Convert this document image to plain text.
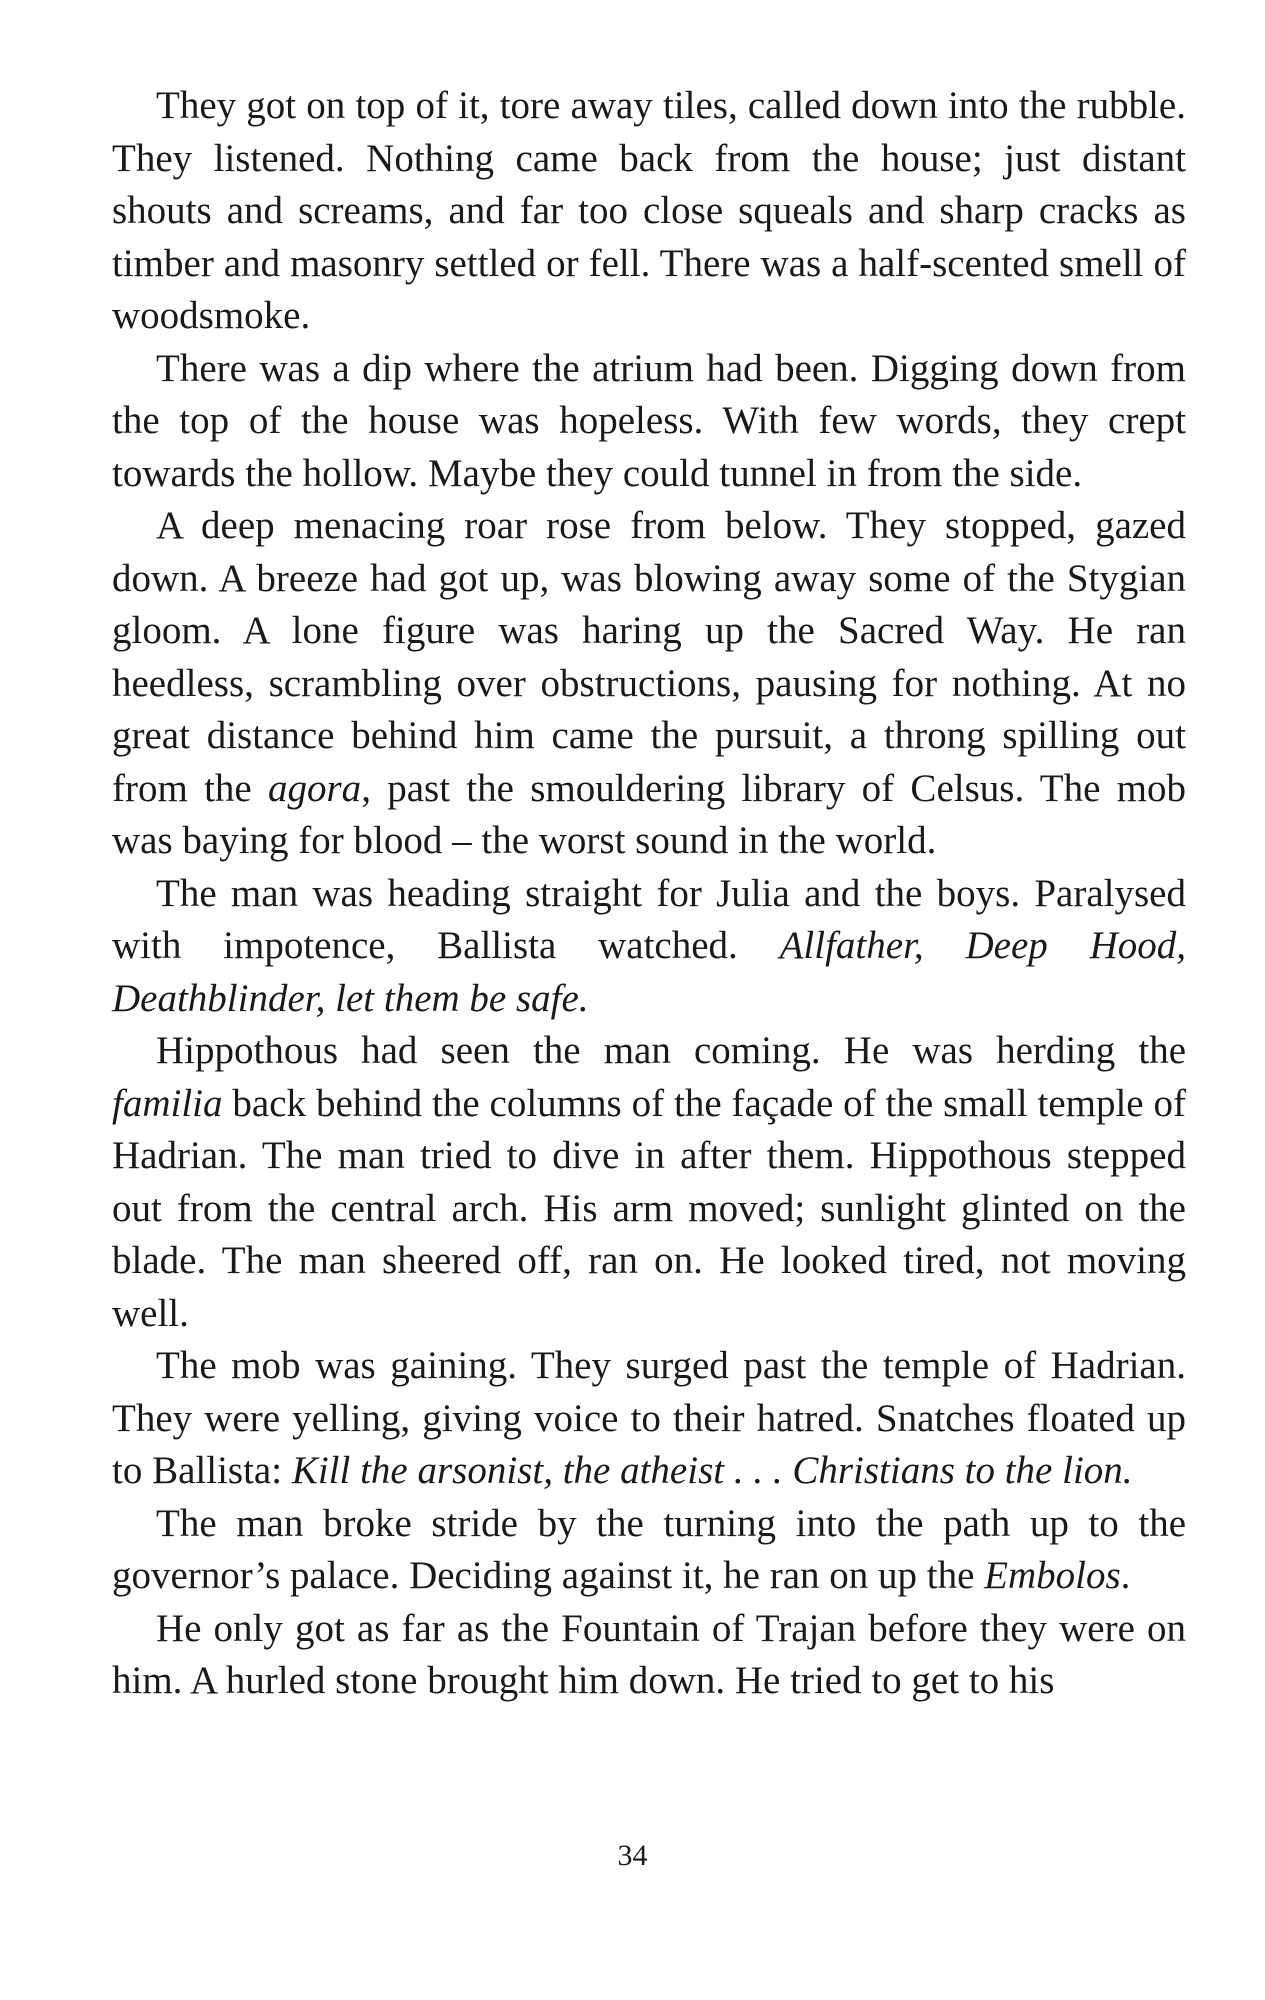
They got on top of it, tore away tiles, called down into the rubble. They listened. Nothing came back from the house; just distant shouts and screams, and far too close squeals and sharp cracks as timber and masonry settled or fell. There was a half-scented smell of woodsmoke.

There was a dip where the atrium had been. Digging down from the top of the house was hopeless. With few words, they crept towards the hollow. Maybe they could tunnel in from the side.

A deep menacing roar rose from below. They stopped, gazed down. A breeze had got up, was blowing away some of the Stygian gloom. A lone figure was haring up the Sacred Way. He ran heedless, scrambling over obstructions, pausing for nothing. At no great distance behind him came the pursuit, a throng spilling out from the agora, past the smouldering library of Celsus. The mob was baying for blood – the worst sound in the world.

The man was heading straight for Julia and the boys. Paralysed with impotence, Ballista watched. Allfather, Deep Hood, Deathblinder, let them be safe.

Hippothous had seen the man coming. He was herding the familia back behind the columns of the façade of the small temple of Hadrian. The man tried to dive in after them. Hippothous stepped out from the central arch. His arm moved; sunlight glinted on the blade. The man sheered off, ran on. He looked tired, not moving well.

The mob was gaining. They surged past the temple of Hadrian. They were yelling, giving voice to their hatred. Snatches floated up to Ballista: Kill the arsonist, the atheist . . . Christians to the lion.

The man broke stride by the turning into the path up to the governor’s palace. Deciding against it, he ran on up the Embolos.

He only got as far as the Fountain of Trajan before they were on him. A hurled stone brought him down. He tried to get to his

34
